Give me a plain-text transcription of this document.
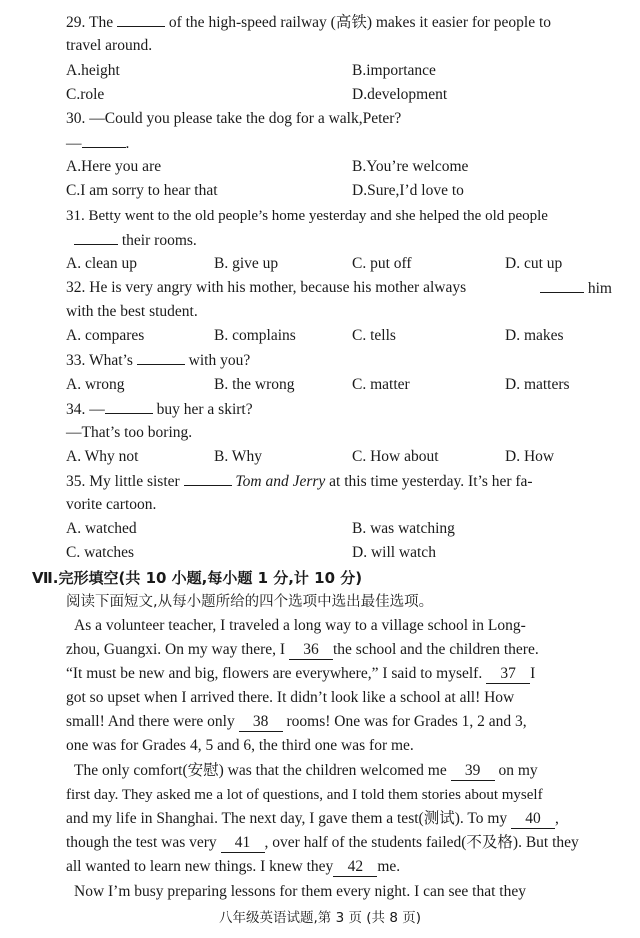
29. The	of the high-speed railway (高铁) makes it easier for people to
travel around.
A.height	B.importance
C.role	D.development
30. —Could you please take the dog for a walk,Peter?
—	.
A.Here you are	B.You’re welcome
C.I am sorry to hear that	D.Sure,I’d love to
31. Betty went to the old people’s home yesterday and she helped the old people
their rooms.
A. clean up	B. give up	C. put off	D. cut up
32. He is very angry with his mother, because his mother always	him
with the best student.
A. compares	B. complains	C. tells	D. makes
33. What’s	with you?
A. wrong	B. the wrong	C. matter	D. matters
34. —	buy her a skirt?
—That’s too boring.
A. Why not	B. Why	C. How about	D. How
35. My little sister	Tom and Jerry at this time yesterday. It’s her fa-
vorite cartoon.
A. watched	B. was watching
C. watches	D. will watch
Ⅶ.完形填空(共 10 小题,每小题 1 分,计 10 分)
阅读下面短文,从每小题所给的四个选项中选出最佳选项。
As a volunteer teacher, I traveled a long way to a village school in Long-
zhou, Guangxi. On my way there, I 36 the school and the children there.
“It must be new and big, flowers are everywhere,” I said to myself. 37 I
got so upset when I arrived there. It didn’t look like a school at all! How
small! And there were only 38 rooms! One was for Grades 1, 2 and 3,
one was for Grades 4, 5 and 6, the third one was for me.
The only comfort(安慰) was that the children welcomed me 39 on my
first day. They asked me a lot of questions, and I told them stories about myself
and my life in Shanghai. The next day, I gave them a test(测试). To my 40 ,
though the test was very 41 , over half of the students failed(不及格). But they
all wanted to learn new things. I knew they 42 me.
Now I’m busy preparing lessons for them every night. I can see that they
八年级英语试题,第 3 页 (共 8 页)
